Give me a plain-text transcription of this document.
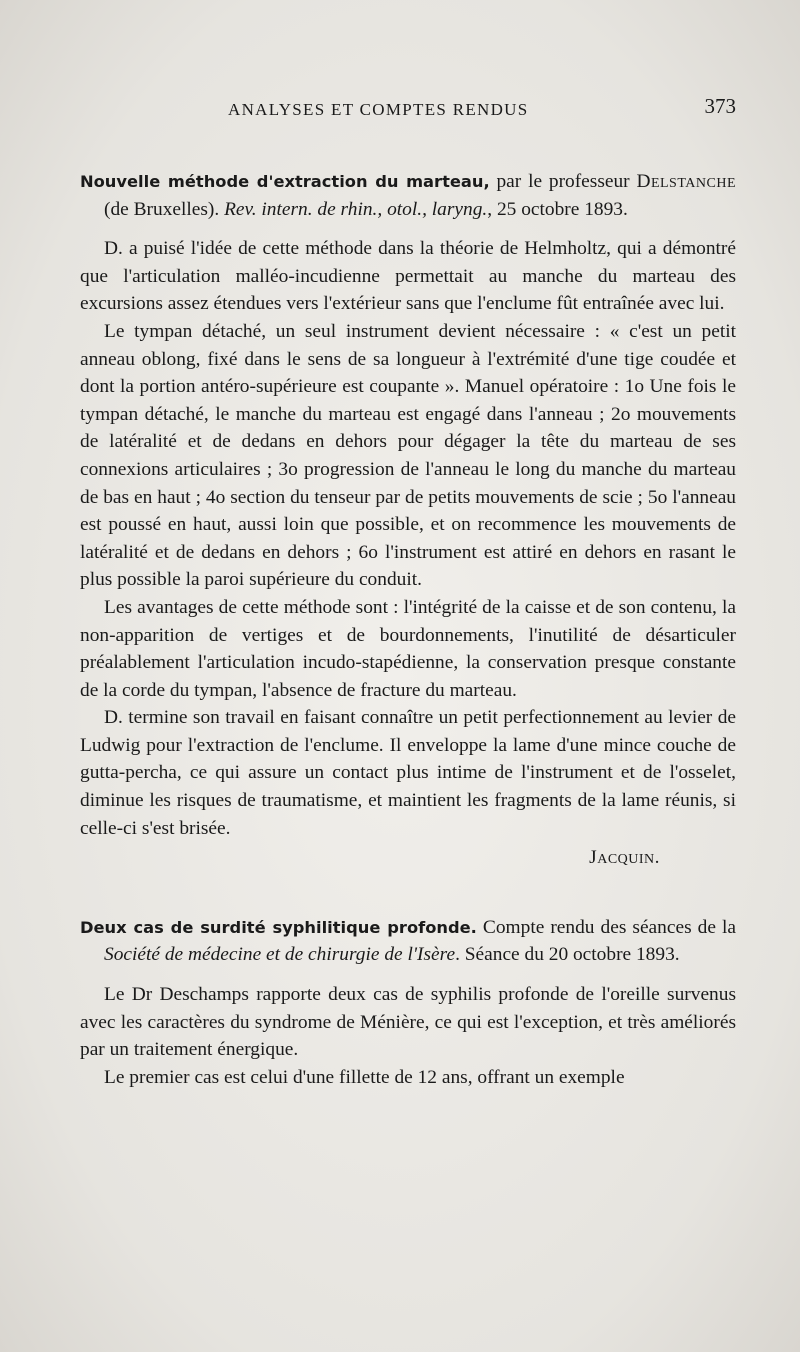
ANALYSES ET COMPTES RENDUS	373

Nouvelle méthode d'extraction du marteau, par le professeur Delstanche (de Bruxelles). Rev. intern. de rhin., otol., laryng., 25 octobre 1893.

D. a puisé l'idée de cette méthode dans la théorie de Helmholtz, qui a démontré que l'articulation malléo-incudienne permettait au manche du marteau des excursions assez étendues vers l'extérieur sans que l'enclume fût entraînée avec lui.

Le tympan détaché, un seul instrument devient nécessaire : « c'est un petit anneau oblong, fixé dans le sens de sa longueur à l'extrémité d'une tige coudée et dont la portion antéro-supérieure est coupante ». Manuel opératoire : 1o Une fois le tympan détaché, le manche du marteau est engagé dans l'anneau ; 2o mouvements de latéralité et de dedans en dehors pour dégager la tête du marteau de ses connexions articulaires ; 3o progression de l'anneau le long du manche du marteau de bas en haut ; 4o section du tenseur par de petits mouvements de scie ; 5o l'anneau est poussé en haut, aussi loin que possible, et on recommence les mouvements de latéralité et de dedans en dehors ; 6o l'instrument est attiré en dehors en rasant le plus possible la paroi supérieure du conduit.

Les avantages de cette méthode sont : l'intégrité de la caisse et de son contenu, la non-apparition de vertiges et de bourdonnements, l'inutilité de désarticuler préalablement l'articulation incudo-stapédienne, la conservation presque constante de la corde du tympan, l'absence de fracture du marteau.

D. termine son travail en faisant connaître un petit perfectionnement au levier de Ludwig pour l'extraction de l'enclume. Il enveloppe la lame d'une mince couche de gutta-percha, ce qui assure un contact plus intime de l'instrument et de l'osselet, diminue les risques de traumatisme, et maintient les fragments de la lame réunis, si celle-ci s'est brisée.

Jacquin.

Deux cas de surdité syphilitique profonde. Compte rendu des séances de la Société de médecine et de chirurgie de l'Isère. Séance du 20 octobre 1893.

Le Dr Deschamps rapporte deux cas de syphilis profonde de l'oreille survenus avec les caractères du syndrome de Ménière, ce qui est l'exception, et très améliorés par un traitement énergique.

Le premier cas est celui d'une fillette de 12 ans, offrant un exemple
